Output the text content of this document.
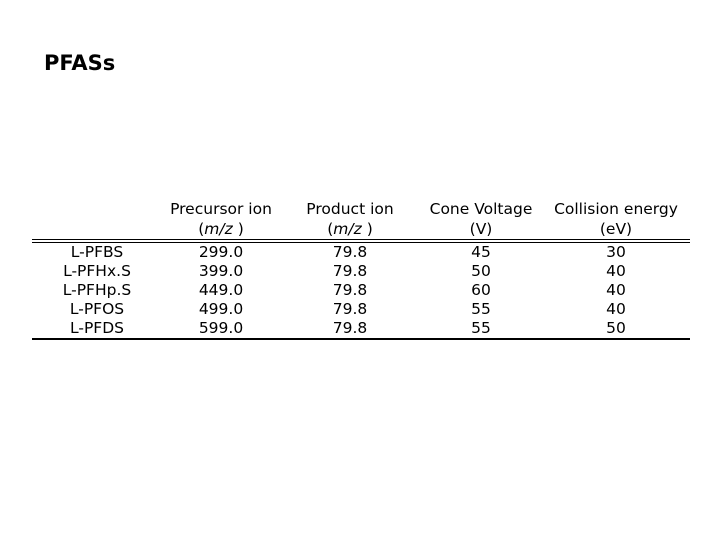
PFASs
	Precursor ion	Product ion	Cone Voltage	Collision energy
	(m/z )	(m/z )	(V)	(eV)
L-PFBS	299.0	79.8	45	30
L-PFHx.S	399.0	79.8	50	40
L-PFHp.S	449.0	79.8	60	40
L-PFOS	499.0	79.8	55	40
L-PFDS	599.0	79.8	55	50
